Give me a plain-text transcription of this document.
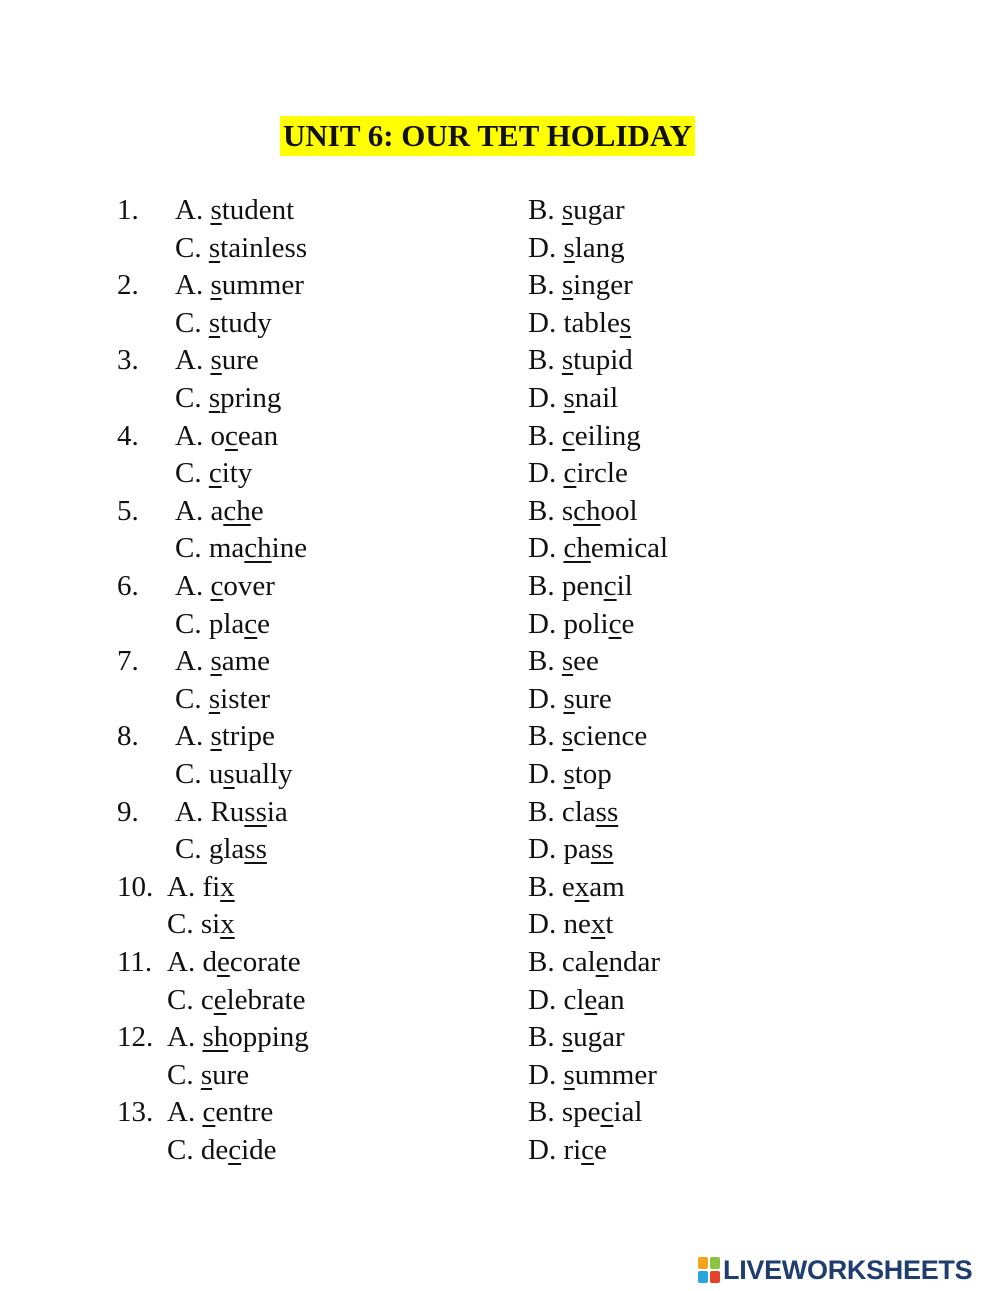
UNIT 6: OUR TET HOLIDAY
1. A. student	B. sugar
C. stainless	D. slang
2. A. summer	B. singer
C. study	D. tables
3. A. sure	B. stupid
C. spring	D. snail
4. A. ocean	B. ceiling
C. city	D. circle
5. A. ache	B. school
C. machine	D. chemical
6. A. cover	B. pencil
C. place	D. police
7. A. same	B. see
C. sister	D. sure
8. A. stripe	B. science
C. usually	D. stop
9. A. Russia	B. class
C. glass	D. pass
10. A. fix	B. exam
C. six	D. next
11. A. decorate	B. calendar
C. celebrate	D. clean
12. A. shopping	B. sugar
C. sure	D. summer
13. A. centre	B. special
C. decide	D. rice
LIVEWORKSHEETS
